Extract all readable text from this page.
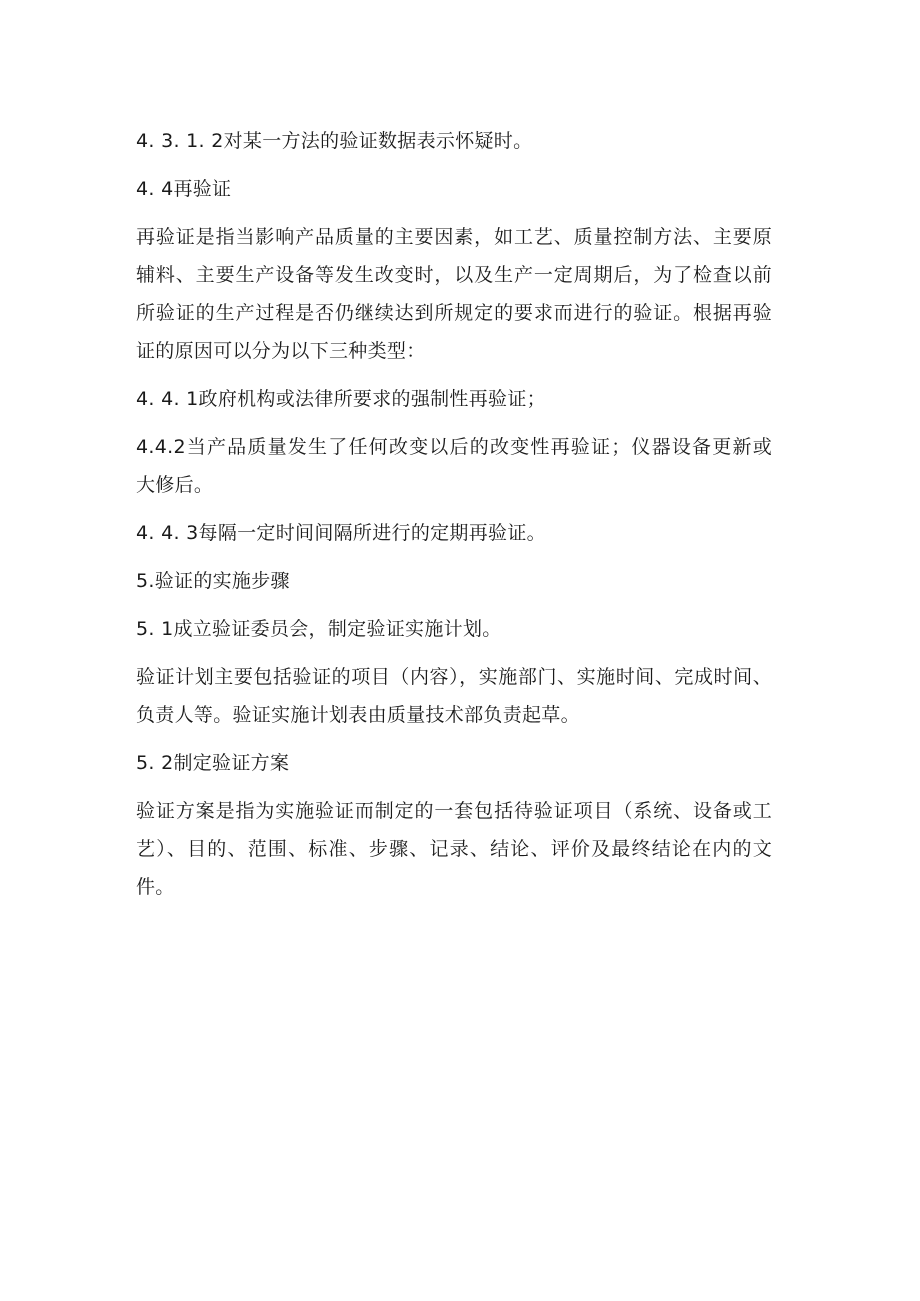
4. 3. 1. 2对某一方法的验证数据表示怀疑时。
4. 4再验证
再验证是指当影响产品质量的主要因素，如工艺、质量控制方法、主要原
辅料、主要生产设备等发生改变时，以及生产一定周期后，为了检查以前
所验证的生产过程是否仍继续达到所规定的要求而进行的验证。根据再验
证的原因可以分为以下三种类型：
4. 4. 1政府机构或法律所要求的强制性再验证；
4.4.2当产品质量发生了任何改变以后的改变性再验证；仪器设备更新或
大修后。
4. 4. 3每隔一定时间间隔所进行的定期再验证。
5.验证的实施步骤
5. 1成立验证委员会，制定验证实施计划。
验证计划主要包括验证的项目（内容），实施部门、实施时间、完成时间、
负责人等。验证实施计划表由质量技术部负责起草。
5. 2制定验证方案
验证方案是指为实施验证而制定的一套包括待验证项目（系统、设备或工
艺）、目的、范围、标准、步骤、记录、结论、评价及最终结论在内的文
件。
